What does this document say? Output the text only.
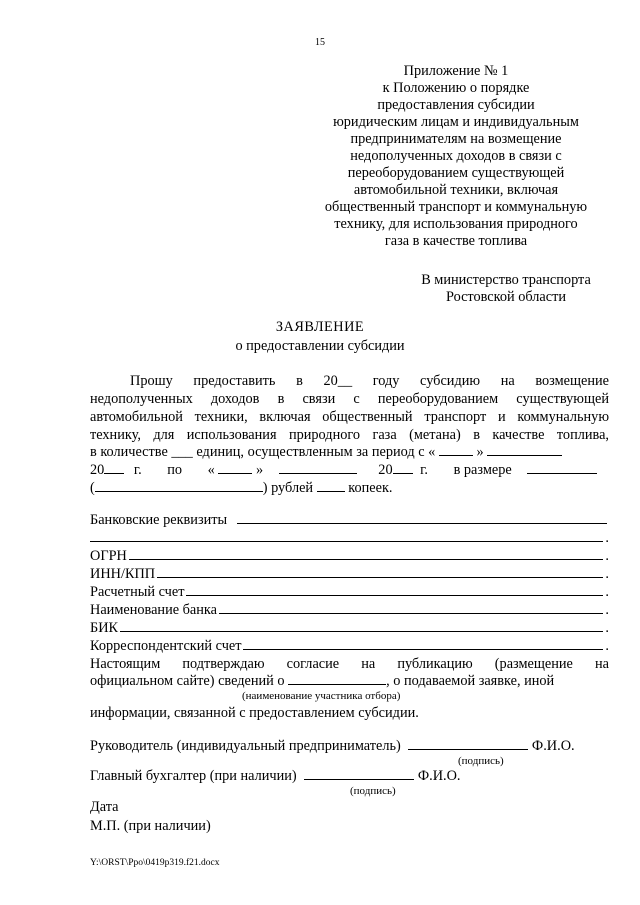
15
Приложение № 1
к Положению о порядке
предоставления субсидии
юридическим лицам и индивидуальным
предпринимателям на возмещение
недополученных доходов в связи с
переоборудованием существующей
автомобильной техники, включая
общественный транспорт и коммунальную
технику, для использования природного
газа в качестве топлива
В министерство транспорта
Ростовской области
ЗАЯВЛЕНИЕ
о предоставлении субсидии
Прошу предоставить в 20__ году субсидию на возмещение
недополученных доходов в связи с переоборудованием существующей
автомобильной техники, включая общественный транспорт и коммунальную
технику, для использования природного газа (метана) в качестве топлива,
в количестве ___ единиц, осуществленным за период с «	»
20 г. по «	»	20 г. в размере
(	) рублей копеек.
Банковские реквизиты
.
ОГРН	.
ИНН/КПП	.
Расчетный счет	.
Наименование банка	.
БИК	.
Корреспондентский счет	.
Настоящим подтверждаю согласие на публикацию (размещение на
официальном сайте) сведений о	, о подаваемой заявке, иной
(наименование участника отбора)
информации, связанной с предоставлением субсидии.
Руководитель (индивидуальный предприниматель)	Ф.И.О.
(подпись)
Главный бухгалтер (при наличии)	Ф.И.О.
(подпись)
Дата
М.П. (при наличии)
Y:\ORST\Ppo\0419p319.f21.docx
